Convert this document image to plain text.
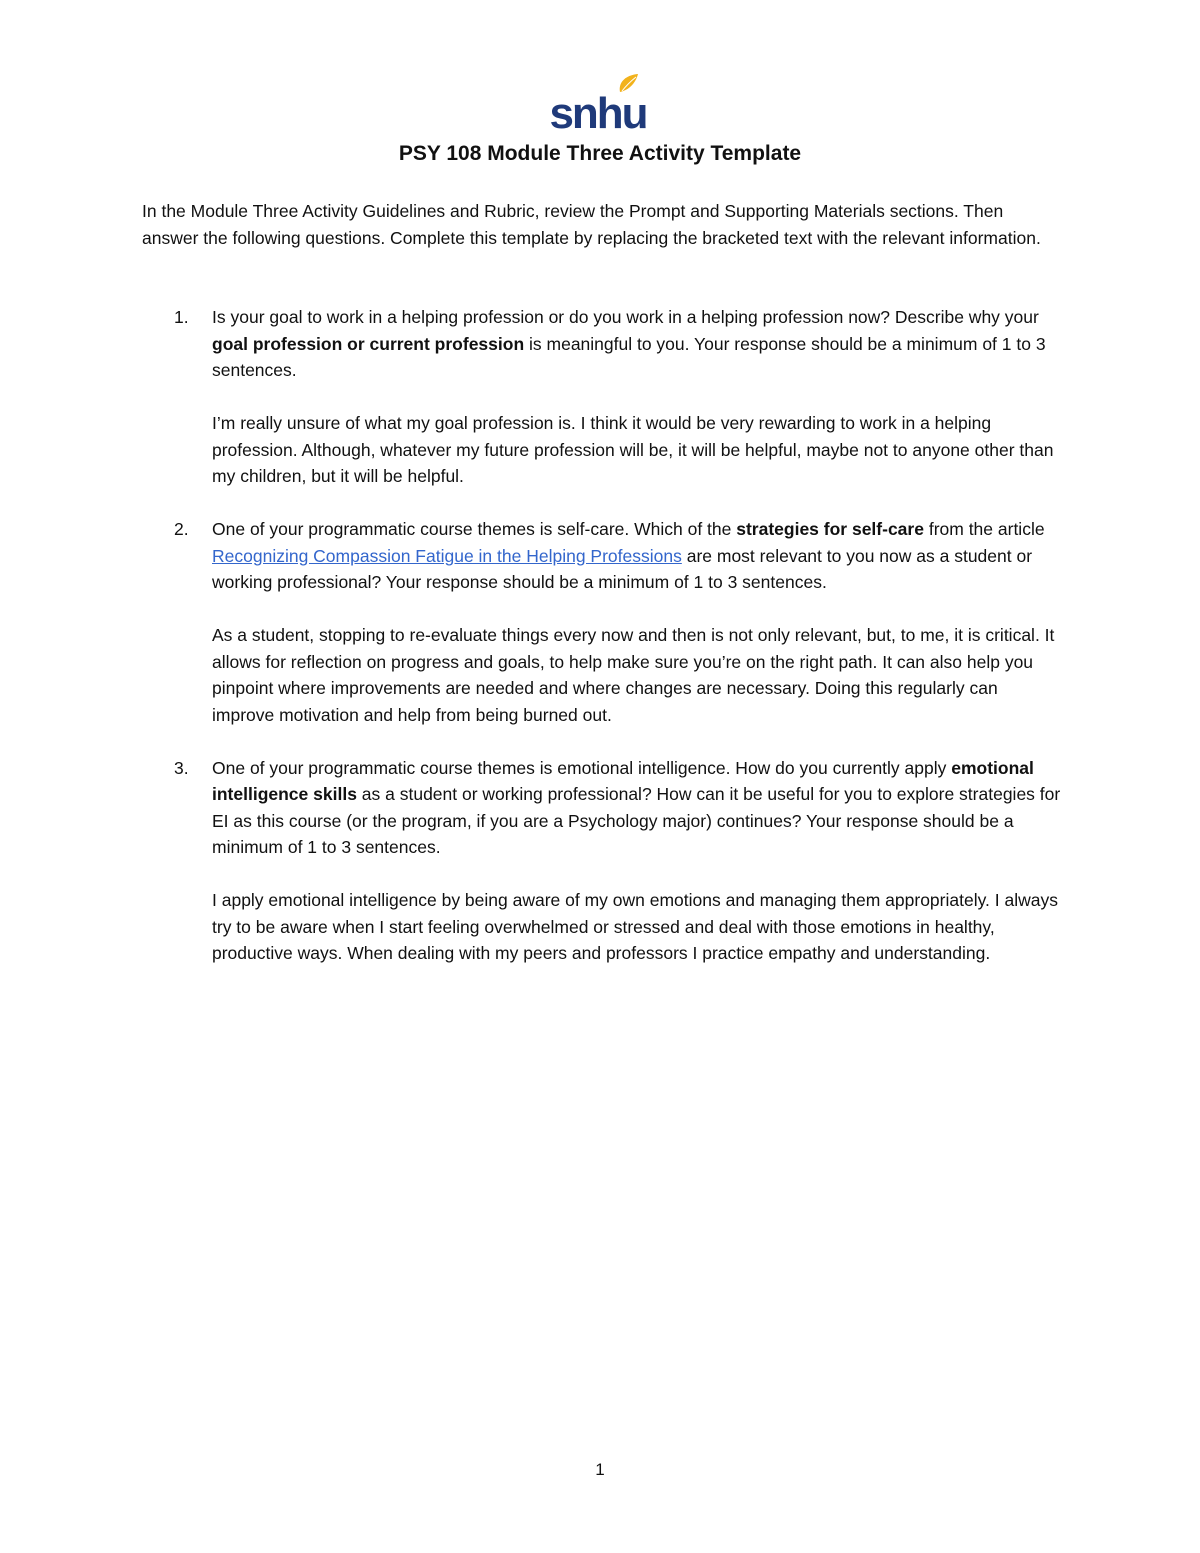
snhu
PSY 108 Module Three Activity Template
In the Module Three Activity Guidelines and Rubric, review the Prompt and Supporting Materials sections. Then answer the following questions. Complete this template by replacing the bracketed text with the relevant information.
1. Is your goal to work in a helping profession or do you work in a helping profession now? Describe why your goal profession or current profession is meaningful to you. Your response should be a minimum of 1 to 3 sentences.
I’m really unsure of what my goal profession is. I think it would be very rewarding to work in a helping profession. Although, whatever my future profession will be, it will be helpful, maybe not to anyone other than my children, but it will be helpful.
2. One of your programmatic course themes is self-care. Which of the strategies for self-care from the article Recognizing Compassion Fatigue in the Helping Professions are most relevant to you now as a student or working professional? Your response should be a minimum of 1 to 3 sentences.
As a student, stopping to re-evaluate things every now and then is not only relevant, but, to me, it is critical. It allows for reflection on progress and goals, to help make sure you’re on the right path. It can also help you pinpoint where improvements are needed and where changes are necessary. Doing this regularly can improve motivation and help from being burned out.
3. One of your programmatic course themes is emotional intelligence. How do you currently apply emotional intelligence skills as a student or working professional? How can it be useful for you to explore strategies for EI as this course (or the program, if you are a Psychology major) continues? Your response should be a minimum of 1 to 3 sentences.
I apply emotional intelligence by being aware of my own emotions and managing them appropriately. I always try to be aware when I start feeling overwhelmed or stressed and deal with those emotions in healthy, productive ways. When dealing with my peers and professors I practice empathy and understanding.
1
